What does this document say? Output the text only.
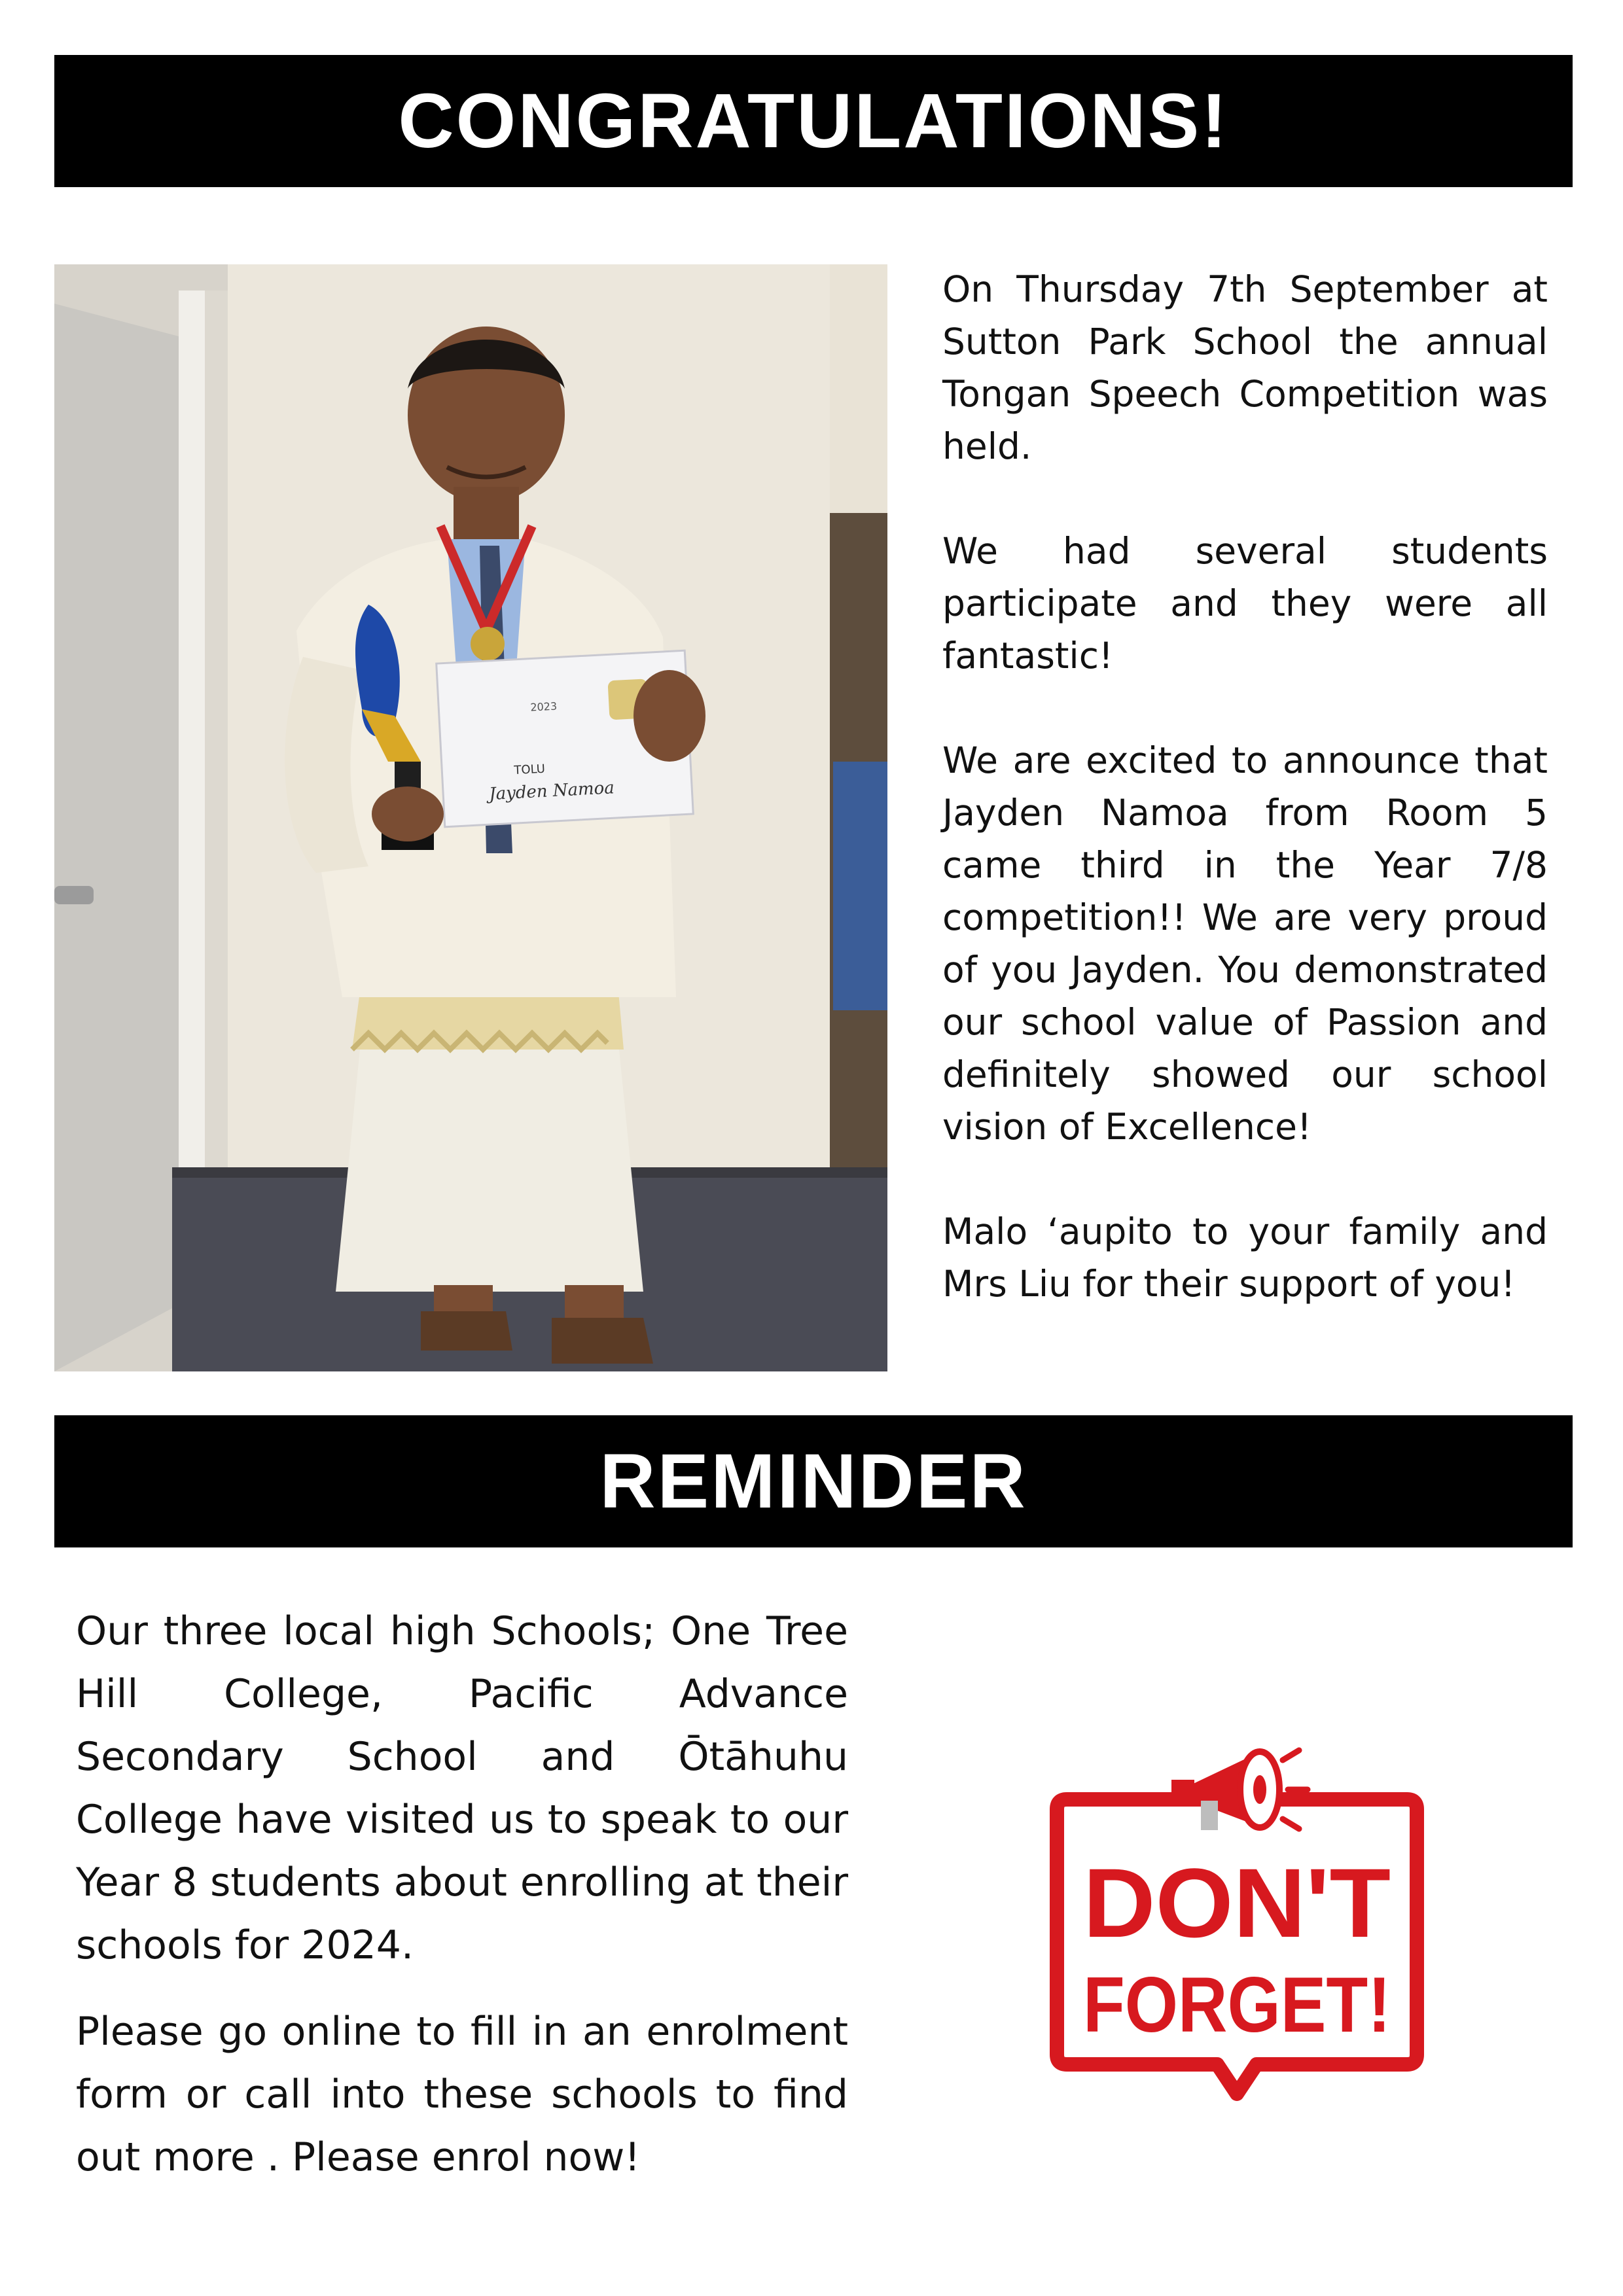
CONGRATULATIONS!
TOLU
Jayden Namoa
2023

On Thursday 7th September at Sutton Park School the annual Tongan Speech Competition was held.

We had several students participate and they were all fantastic!

We are excited to announce that Jayden Namoa from Room 5 came third in the Year 7/8 competition!! We are very proud of you Jayden. You demonstrated our school value of Passion and definitely showed our school vision of Excellence!

Malo ‘aupito to your family and Mrs Liu for their support of you!

REMINDER

Our three local high Schools; One Tree Hill College, Pacific Advance Secondary School and Ōtāhuhu College have visited us to speak to our Year 8 students about enrolling at their schools for 2024.

Please go online to fill in an enrolment form or call into these schools to find out more . Please enrol now!

DON'T
FORGET!
